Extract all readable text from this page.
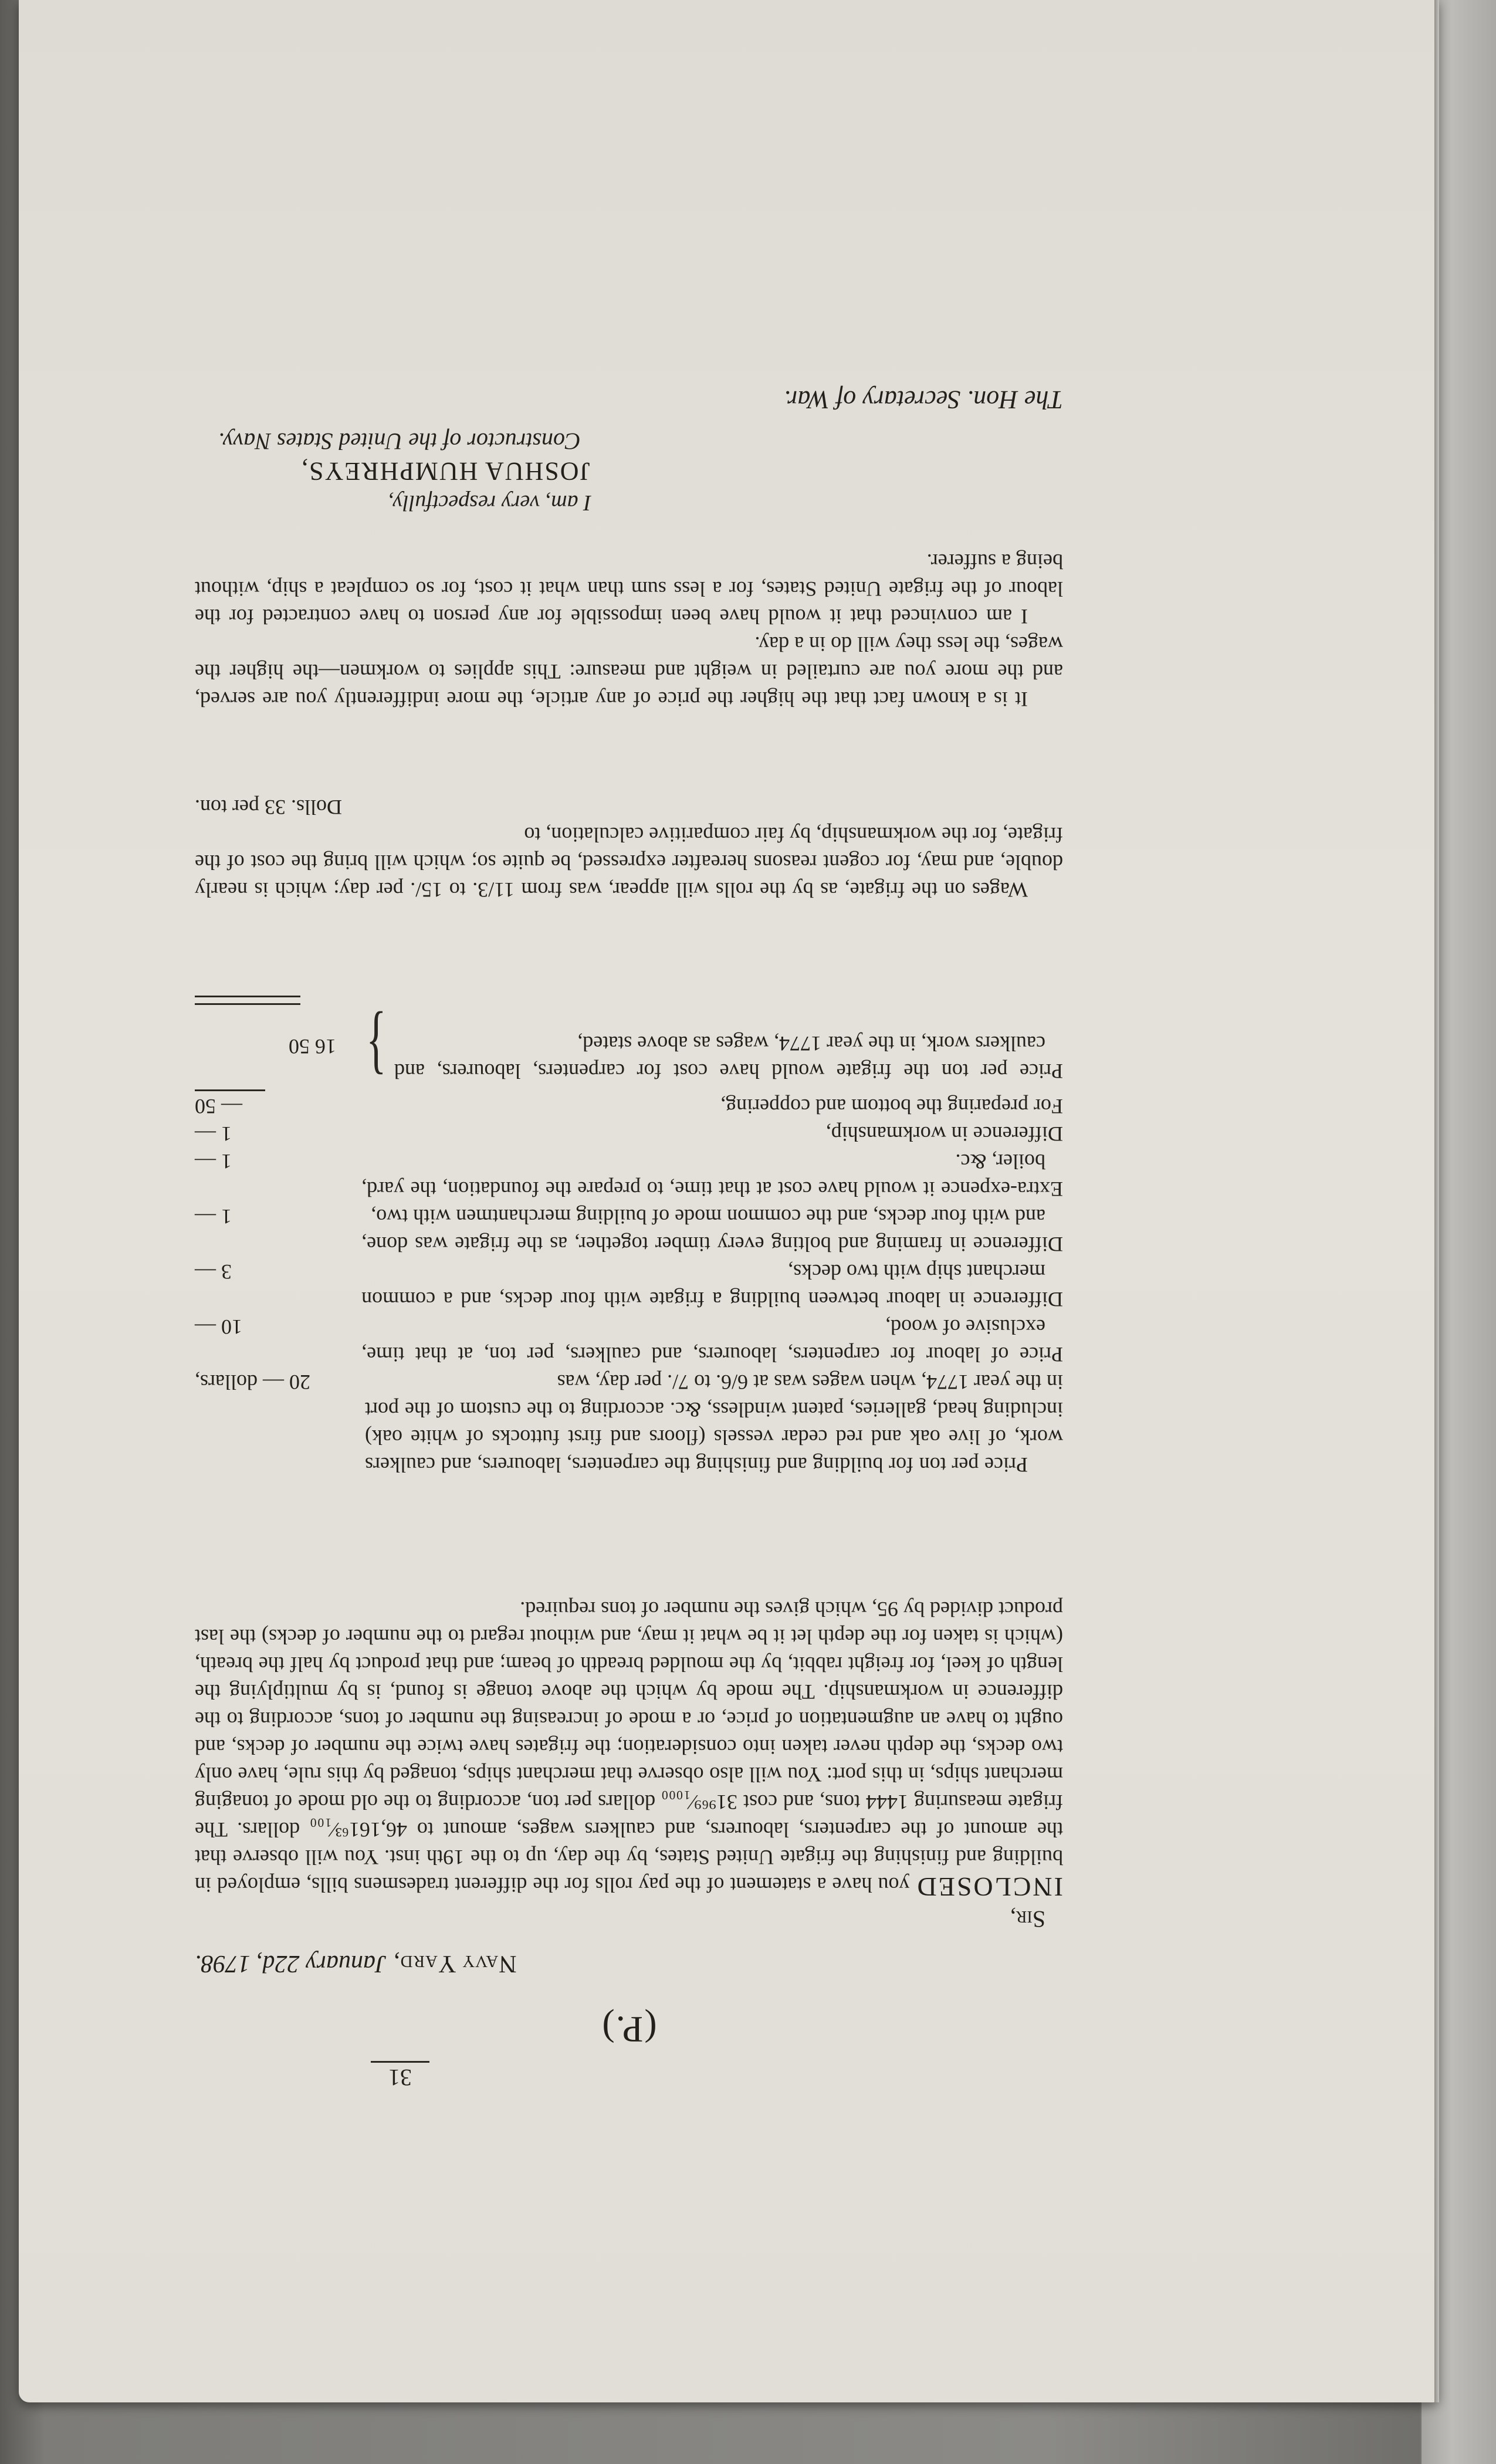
31
(P.)
Navy Yard, January 22d, 1798.
Sir,

INCLOSED you have a statement of the pay rolls for the different tradesmens bills, employed in building and finishing the frigate United States, by the day, up to the 19th inst. You will observe that the amount of the carpenters, labourers, and caulkers wages, amount to 46,161⁶³⁄₁₀₀ dollars. The frigate measuring 1444 tons, and cost 31⁹⁶⁹⁄₁₀₀₀ dollars per ton, according to the old mode of tonaging merchant ships, in this port: You will also observe that merchant ships, tonaged by this rule, have only two decks, the depth never taken into consideration; the frigates have twice the number of decks, and ought to have an augmentation of price, or a mode of increasing the number of tons, according to the difference in workmanship. The mode by which the above tonage is found, is by multiplying the length of keel, for freight rabbit, by the moulded breadth of beam; and that product by half the breath, (which is taken for the depth let it be what it may, and without regard to the number of decks) the last product divided by 95, which gives the number of tons required.

Price per ton for building and finishing the carpenters, labourers, and caulkers work, of live oak and red cedar vessels (floors and first futtocks of white oak) including head, galleries, patent windless, &c. according to the custom of the port in the year 1774, when wages was at 6/6. to 7/. per day, was
20 — dollars,
Price of labour for carpenters, labourers, and caulkers, per ton, at that time, exclusive of wood,
10 —
Difference in labour between building a frigate with four decks, and a common merchant ship with two decks,
3 —
Difference in framing and bolting every timber together, as the frigate was done, and with four decks, and the common mode of building merchantmen with two,
1 —
Extra-expence it would have cost at that time, to prepare the foundation, the yard, boiler, &c.
1 —
Difference in workmanship,
1 —
For preparing the bottom and coppering,
— 50
Price per ton the frigate would have cost for carpenters, labourers, and caulkers work, in the year 1774, wages as above stated,
}
16 50

Wages on the frigate, as by the rolls will appear, was from 11/3. to 15/. per day; which is nearly double, and may, for cogent reasons hereafter expressed, be quite so; which will bring the cost of the frigate, for the workmanship, by fair comparitive calculation, to

Dolls. 33 per ton.

It is a known fact that the higher the price of any article, the more indifferently you are served, and the more you are curtailed in weight and measure: This applies to workmen—the higher the wages, the less they will do in a day.

I am convinced that it would have been impossible for any person to have contracted for the labour of the frigate United States, for a less sum than what it cost, for so compleat a ship, without being a sufferer.

I am, very respectfully,
JOSHUA HUMPHREYS,
Constructor of the United States Navy.
The Hon. Secretary of War.
